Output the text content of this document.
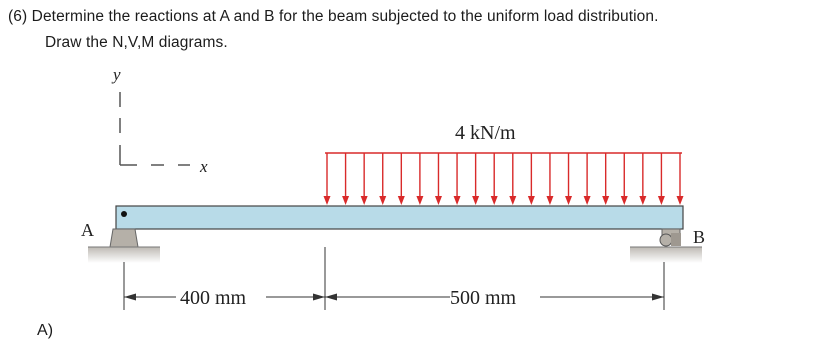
(6) Determine the reactions at A and B for the beam subjected to the uniform load distribution.
Draw the N,V,M diagrams.
y
x
4 kN/m
A	B
400 mm	500 mm
A)
